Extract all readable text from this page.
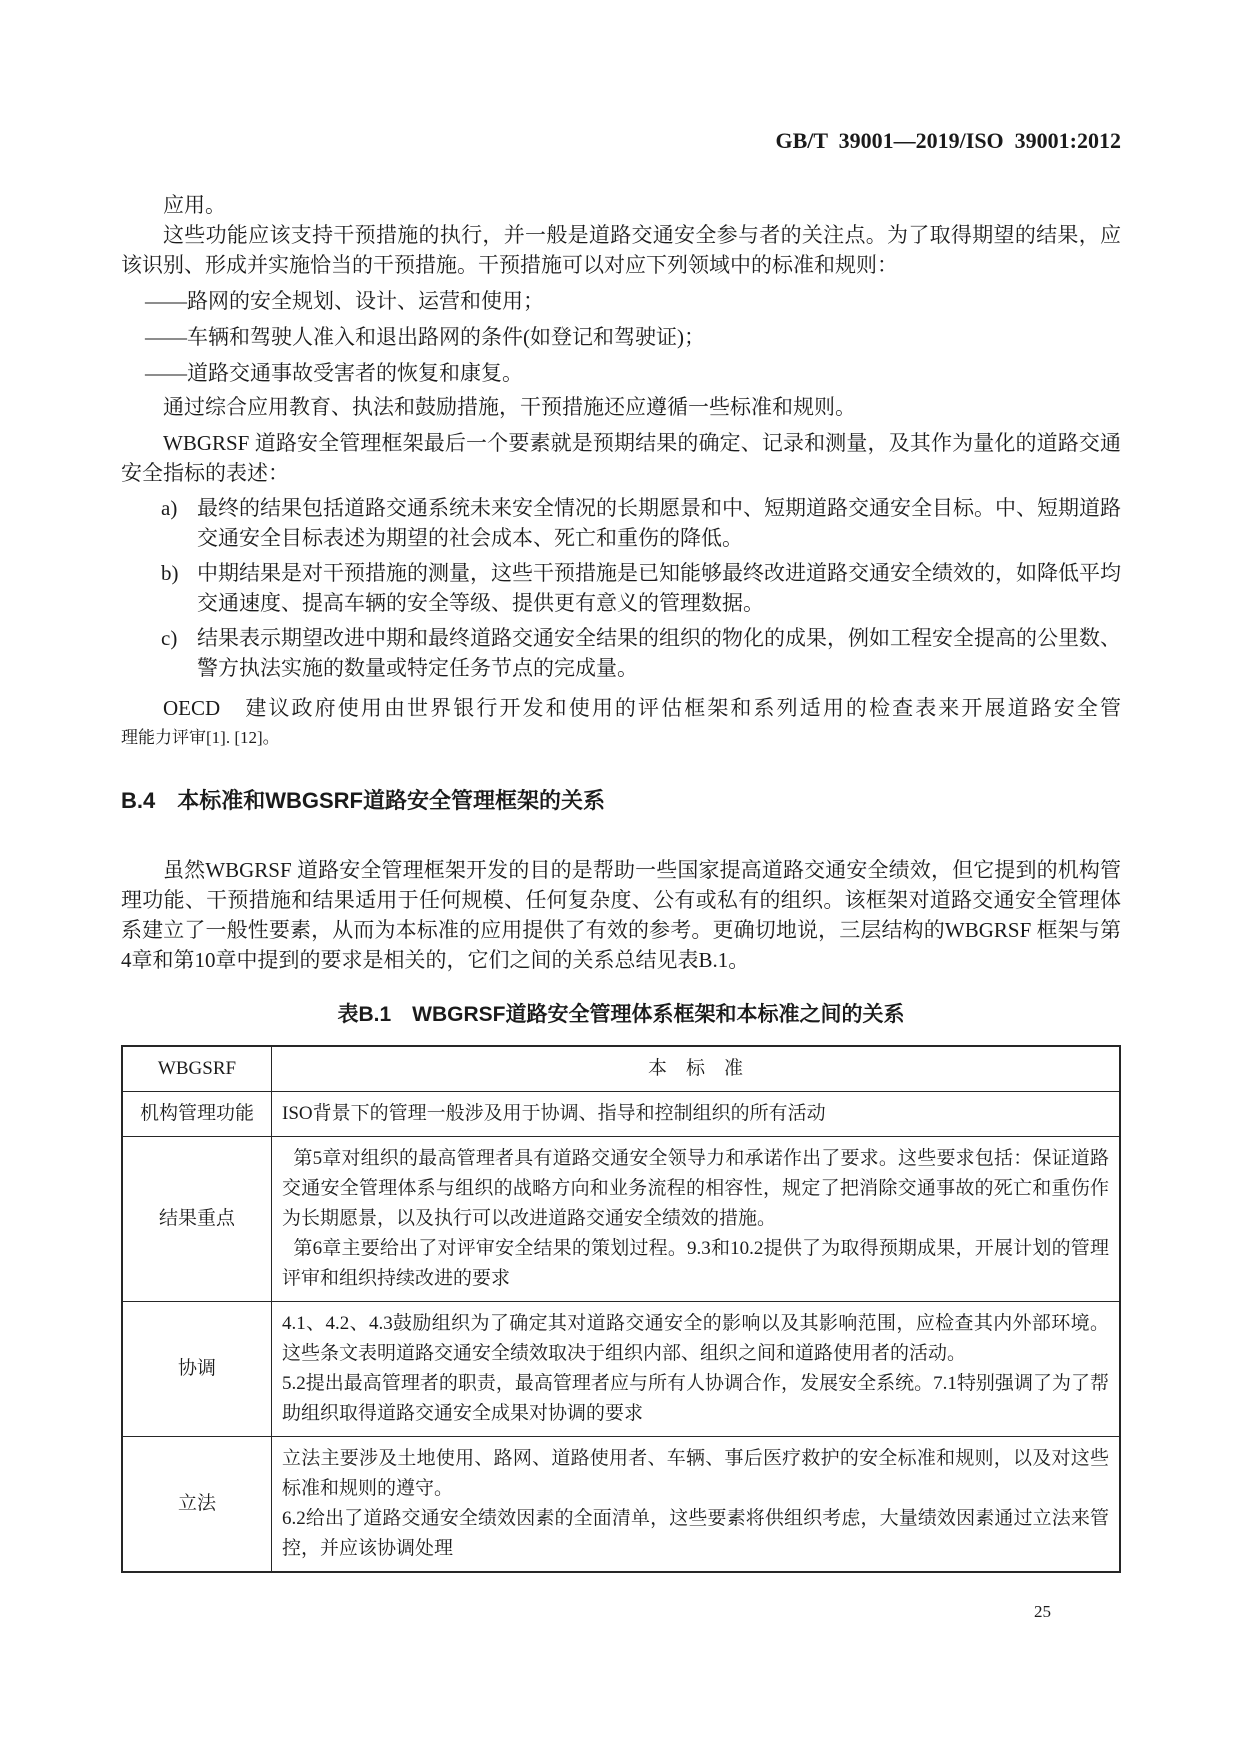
GB/T  39001—2019/ISO  39001:2012

应用。

这些功能应该支持干预措施的执行，并一般是道路交通安全参与者的关注点。为了取得期望的结果，应该识别、形成并实施恰当的干预措施。干预措施可以对应下列领域中的标准和规则：

——路网的安全规划、设计、运营和使用；
——车辆和驾驶人准入和退出路网的条件(如登记和驾驶证)；
——道路交通事故受害者的恢复和康复。

通过综合应用教育、执法和鼓励措施，干预措施还应遵循一些标准和规则。

WBGRSF 道路安全管理框架最后一个要素就是预期结果的确定、记录和测量，及其作为量化的道路交通安全指标的表述：

a) 最终的结果包括道路交通系统未来安全情况的长期愿景和中、短期道路交通安全目标。中、短期道路交通安全目标表述为期望的社会成本、死亡和重伤的降低。
b) 中期结果是对干预措施的测量，这些干预措施是已知能够最终改进道路交通安全绩效的，如降低平均交通速度、提高车辆的安全等级、提供更有意义的管理数据。
c) 结果表示期望改进中期和最终道路交通安全结果的组织的物化的成果，例如工程安全提高的公里数、警方执法实施的数量或特定任务节点的完成量。
OECD　建议政府使用由世界银行开发和使用的评估框架和系列适用的检查表来开展道路安全管
理能力评审[1]. [12]。
B.4　本标准和WBGSRF道路安全管理框架的关系

虽然WBGRSF 道路安全管理框架开发的目的是帮助一些国家提高道路交通安全绩效，但它提到的机构管理功能、干预措施和结果适用于任何规模、任何复杂度、公有或私有的组织。该框架对道路交通安全管理体系建立了一般性要素，从而为本标准的应用提供了有效的参考。更确切地说，三层结构的WBGRSF 框架与第4章和第10章中提到的要求是相关的，它们之间的关系总结见表B.1。

表B.1　WBGRSF道路安全管理体系框架和本标准之间的关系
WBGSRF	本　标　准
机构管理功能	ISO背景下的管理一般涉及用于协调、指导和控制组织的所有活动

结果重点	第5章对组织的最高管理者具有道路交通安全领导力和承诺作出了要求。这些要求包括：保证道路交通安全管理体系与组织的战略方向和业务流程的相容性，规定了把消除交通事故的死亡和重伤作为长期愿景，以及执行可以改进道路交通安全绩效的措施。

第6章主要给出了对评审安全结果的策划过程。9.3和10.2提供了为取得预期成果，开展计划的管理评审和组织持续改进的要求

协调	4.1、4.2、4.3鼓励组织为了确定其对道路交通安全的影响以及其影响范围，应检查其内外部环境。这些条文表明道路交通安全绩效取决于组织内部、组织之间和道路使用者的活动。

5.2提出最高管理者的职责，最高管理者应与所有人协调合作，发展安全系统。7.1特别强调了为了帮助组织取得道路交通安全成果对协调的要求

立法	立法主要涉及土地使用、路网、道路使用者、车辆、事后医疗救护的安全标准和规则，以及对这些标准和规则的遵守。

6.2给出了道路交通安全绩效因素的全面清单，这些要素将供组织考虑，大量绩效因素通过立法来管控，并应该协调处理

25
